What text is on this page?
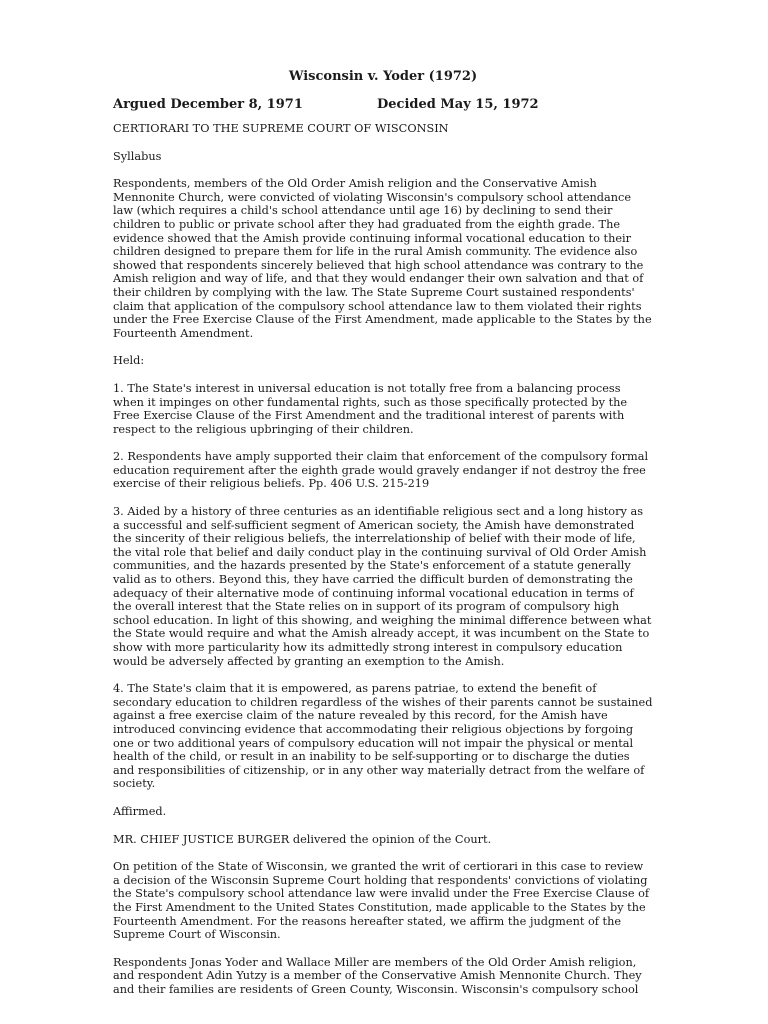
Wisconsin v. Yoder (1972)
Argued December 8, 1971	Decided May 15, 1972
CERTIORARI TO THE SUPREME COURT OF WISCONSIN
Syllabus
Respondents, members of the Old Order Amish religion and the Conservative Amish Mennonite Church, were convicted of violating Wisconsin's compulsory school attendance law (which requires a child's school attendance until age 16) by declining to send their children to public or private school after they had graduated from the eighth grade. The evidence showed that the Amish provide continuing informal vocational education to their children designed to prepare them for life in the rural Amish community. The evidence also showed that respondents sincerely believed that high school attendance was contrary to the Amish religion and way of life, and that they would endanger their own salvation and that of their children by complying with the law. The State Supreme Court sustained respondents' claim that application of the compulsory school attendance law to them violated their rights under the Free Exercise Clause of the First Amendment, made applicable to the States by the Fourteenth Amendment.
Held:
1. The State's interest in universal education is not totally free from a balancing process when it impinges on other fundamental rights, such as those specifically protected by the Free Exercise Clause of the First Amendment and the traditional interest of parents with respect to the religious upbringing of their children.
2. Respondents have amply supported their claim that enforcement of the compulsory formal education requirement after the eighth grade would gravely endanger if not destroy the free exercise of their religious beliefs. Pp. 406 U.S. 215-219
3. Aided by a history of three centuries as an identifiable religious sect and a long history as a successful and self-sufficient segment of American society, the Amish have demonstrated the sincerity of their religious beliefs, the interrelationship of belief with their mode of life, the vital role that belief and daily conduct play in the continuing survival of Old Order Amish communities, and the hazards presented by the State's enforcement of a statute generally valid as to others. Beyond this, they have carried the difficult burden of demonstrating the adequacy of their alternative mode of continuing informal vocational education in terms of the overall interest that the State relies on in support of its program of compulsory high school education. In light of this showing, and weighing the minimal difference between what the State would require and what the Amish already accept, it was incumbent on the State to show with more particularity how its admittedly strong interest in compulsory education would be adversely affected by granting an exemption to the Amish.
4. The State's claim that it is empowered, as parens patriae, to extend the benefit of secondary education to children regardless of the wishes of their parents cannot be sustained against a free exercise claim of the nature revealed by this record, for the Amish have introduced convincing evidence that accommodating their religious objections by forgoing one or two additional years of compulsory education will not impair the physical or mental health of the child, or result in an inability to be self-supporting or to discharge the duties and responsibilities of citizenship, or in any other way materially detract from the welfare of society.
Affirmed.
MR. CHIEF JUSTICE BURGER delivered the opinion of the Court.
On petition of the State of Wisconsin, we granted the writ of certiorari in this case to review a decision of the Wisconsin Supreme Court holding that respondents' convictions of violating the State's compulsory school attendance law were invalid under the Free Exercise Clause of the First Amendment to the United States Constitution, made applicable to the States by the Fourteenth Amendment. For the reasons hereafter stated, we affirm the judgment of the Supreme Court of Wisconsin.
Respondents Jonas Yoder and Wallace Miller are members of the Old Order Amish religion, and respondent Adin Yutzy is a member of the Conservative Amish Mennonite Church. They and their families are residents of Green County, Wisconsin. Wisconsin's compulsory school
